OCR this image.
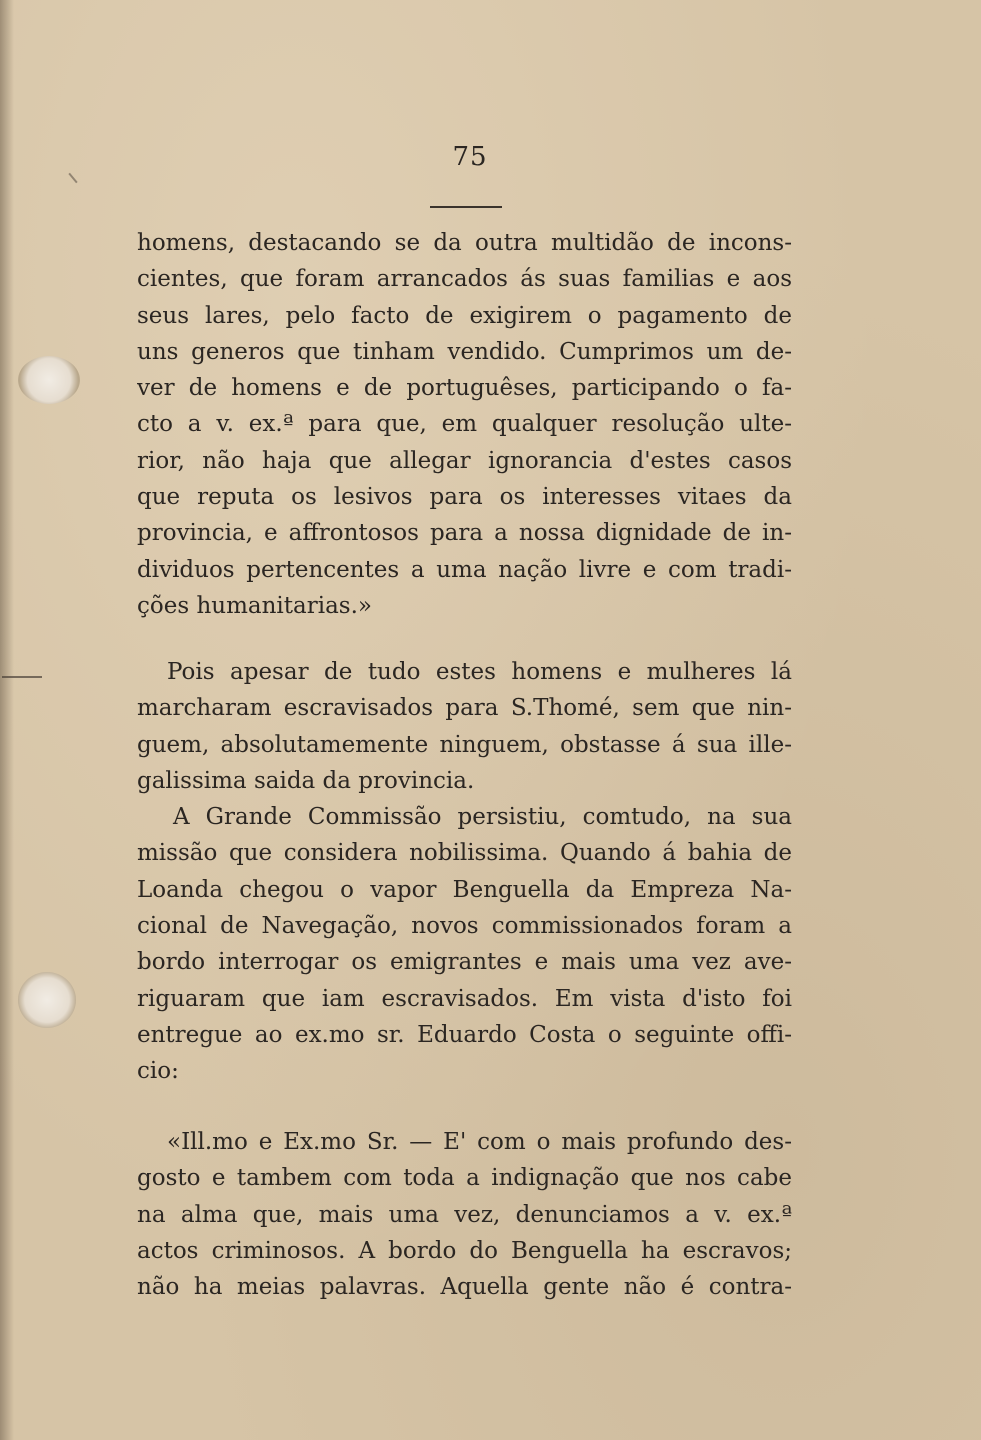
75
homens, destacando se da outra multidão de incons-
cientes, que foram arrancados ás suas familias e aos
seus lares, pelo facto de exigirem o pagamento de
uns generos que tinham vendido. Cumprimos um de-
ver de homens e de portuguêses, participando o fa-
cto a v. ex.ª para que, em qualquer resolução ulte-
rior, não haja que allegar ignorancia d'estes casos
que reputa os lesivos para os interesses vitaes da
provincia, e affrontosos para a nossa dignidade de in-
dividuos pertencentes a uma nação livre e com tradi-
ções humanitarias.»
Pois apesar de tudo estes homens e mulheres lá
marcharam escravisados para S.Thomé, sem que nin-
guem, absolutamemente ninguem, obstasse á sua ille-
galissima saida da provincia.
A Grande Commissão persistiu, comtudo, na sua
missão que considera nobilissima. Quando á bahia de
Loanda chegou o vapor Benguella da Empreza Na-
cional de Navegação, novos commissionados foram a
bordo interrogar os emigrantes e mais uma vez ave-
riguaram que iam escravisados. Em vista d'isto foi
entregue ao ex.mo sr. Eduardo Costa o seguinte offi-
cio:
«Ill.mo e Ex.mo Sr. — E' com o mais profundo des-
gosto e tambem com toda a indignação que nos cabe
na alma que, mais uma vez, denunciamos a v. ex.ª
actos criminosos. A bordo do Benguella ha escravos;
não ha meias palavras. Aquella gente não é contra-
